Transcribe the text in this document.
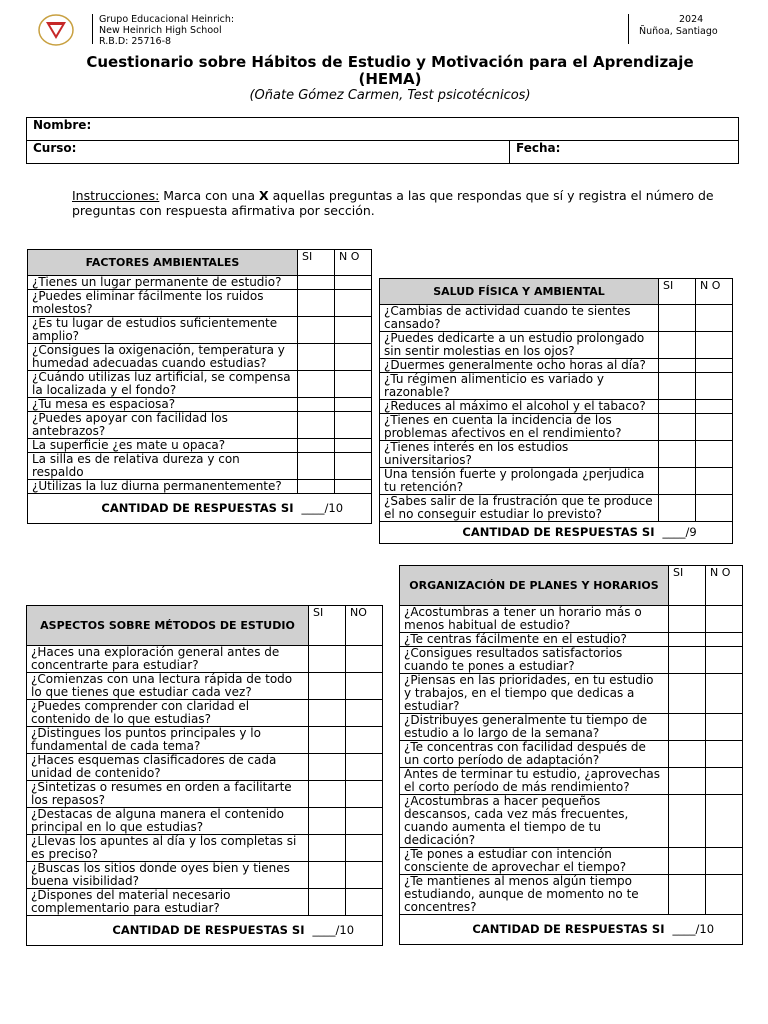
Grupo Educacional Heinrich:
New Heinrich High School
R.B.D: 25716-8
2024
Ñuñoa, Santiago
Cuestionario sobre Hábitos de Estudio y Motivación para el Aprendizaje (HEMA)
(Oñate Gómez Carmen, Test psicotécnicos)
Nombre:
Curso:	Fecha:
Instrucciones: Marca con una X aquellas preguntas a las que respondas que sí y registra el número de preguntas con respuesta afirmativa por sección.
FACTORES AMBIENTALES	SI	N O
¿Tienes un lugar permanente de estudio?		
¿Puedes eliminar fácilmente los ruidos molestos?		
¿Es tu lugar de estudios suficientemente amplio?		
¿Consigues la oxigenación, temperatura y humedad adecuadas cuando estudias?		
¿Cuándo utilizas luz artificial, se compensa la localizada y el fondo?		
¿Tu mesa es espaciosa?		
¿Puedes apoyar con facilidad los antebrazos?		
La superficie ¿es mate u opaca?		
La silla es de relativa dureza y con respaldo		
¿Utilizas la luz diurna permanentemente?		
CANTIDAD DE RESPUESTAS SI	____/10	
SALUD FÍSICA Y AMBIENTAL	SI	N O
¿Cambias de actividad cuando te sientes cansado?		
¿Puedes dedicarte a un estudio prolongado sin sentir molestias en los ojos?		
¿Duermes generalmente ocho horas al día?		
¿Tu régimen alimenticio es variado y razonable?		
¿Reduces al máximo el alcohol y el tabaco?		
¿Tienes en cuenta la incidencia de los problemas afectivos en el rendimiento?		
¿Tienes interés en los estudios universitarios?		
Una tensión fuerte y prolongada ¿perjudica tu retención?		
¿Sabes salir de la frustración que te produce el no conseguir estudiar lo previsto?		
CANTIDAD DE RESPUESTAS SI	____/9	
ASPECTOS SOBRE MÉTODOS DE ESTUDIO	SI	NO
¿Haces una exploración general antes de concentrarte para estudiar?		
¿Comienzas con una lectura rápida de todo lo que tienes que estudiar cada vez?		
¿Puedes comprender con claridad el contenido de lo que estudias?		
¿Distingues los puntos principales y lo fundamental de cada tema?		
¿Haces esquemas clasificadores de cada unidad de contenido?		
¿Sintetizas o resumes en orden a facilitarte los repasos?		
¿Destacas de alguna manera el contenido principal en lo que estudias?		
¿Llevas los apuntes al día y los completas si es preciso?		
¿Buscas los sitios donde oyes bien y tienes buena visibilidad?		
¿Dispones del material necesario complementario para estudiar?		
CANTIDAD DE RESPUESTAS SI	____/10	
ORGANIZACIÓN DE PLANES Y HORARIOS	SI	N O
¿Acostumbras a tener un horario más o menos habitual de estudio?		
¿Te centras fácilmente en el estudio?		
¿Consigues resultados satisfactorios cuando te pones a estudiar?		
¿Piensas en las prioridades, en tu estudio y trabajos, en el tiempo que dedicas a estudiar?		
¿Distribuyes generalmente tu tiempo de estudio a lo largo de la semana?		
¿Te concentras con facilidad después de un corto período de adaptación?		
Antes de terminar tu estudio, ¿aprovechas el corto período de más rendimiento?		
¿Acostumbras a hacer pequeños descansos, cada vez más frecuentes, cuando aumenta el tiempo de tu dedicación?		
¿Te pones a estudiar con intención consciente de aprovechar el tiempo?		
¿Te mantienes al menos algún tiempo estudiando, aunque de momento no te concentres?		
CANTIDAD DE RESPUESTAS SI	____/10	
